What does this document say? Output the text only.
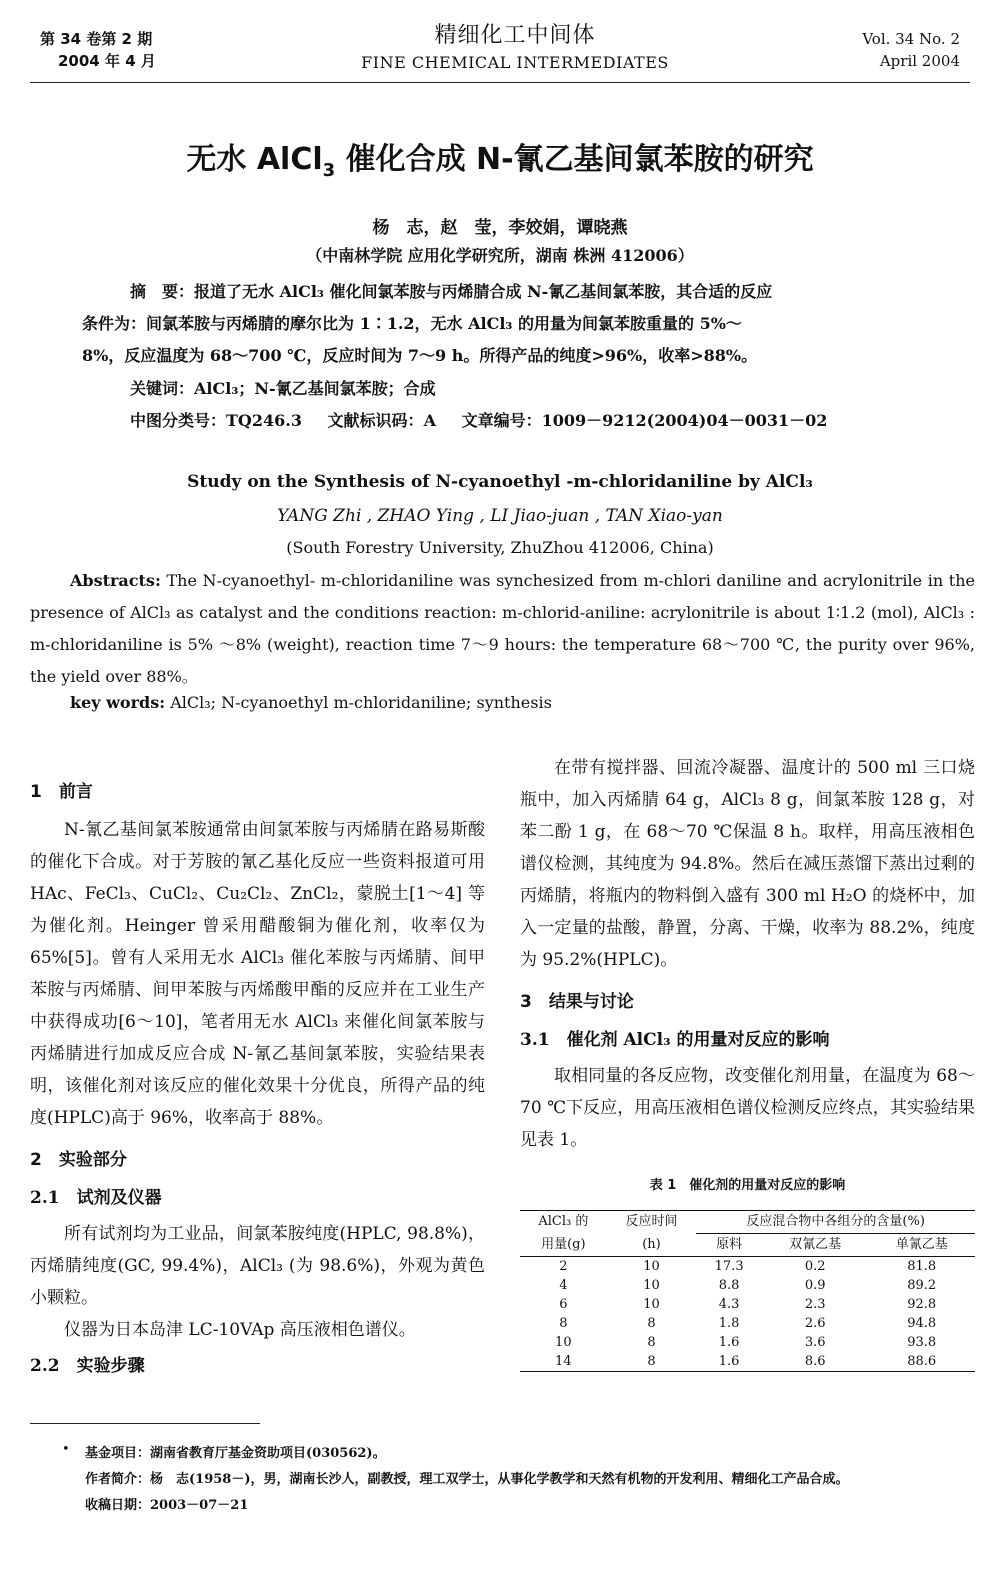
第 34 卷第 2 期
2004 年 4 月
精细化工中间体
FINE CHEMICAL INTERMEDIATES
Vol. 34 No. 2
April 2004
无水 AlCl$_3$ 催化合成 N-氰乙基间氯苯胺的研究
杨　志，赵　莹，李姣娟，谭晓燕
（中南林学院 应用化学研究所，湖南 株洲 412006）
摘　要：报道了无水 AlCl₃ 催化间氯苯胺与丙烯腈合成 N-氰乙基间氯苯胺，其合适的反应
条件为：间氯苯胺与丙烯腈的摩尔比为 1∶1.2，无水 AlCl₃ 的用量为间氯苯胺重量的 5%～
8%，反应温度为 68～700 ℃，反应时间为 7～9 h。所得产品的纯度>96%，收率>88%。
关键词：AlCl₃；N-氰乙基间氯苯胺；合成
中图分类号：TQ246.3 文献标识码：A 文章编号：1009－9212(2004)04－0031－02
Study on the Synthesis of N-cyanoethyl -m-chloridaniline by AlCl₃
YANG Zhi , ZHAO Ying , LI Jiao-juan , TAN Xiao-yan
(South Forestry University, ZhuZhou 412006, China)
Abstracts: The N-cyanoethyl- m-chloridaniline was synchesized from m-chlori daniline and acrylonitrile in the presence of AlCl₃ as catalyst and the conditions reaction: m-chlorid-aniline: acrylonitrile is about 1∶1.2 (mol), AlCl₃ : m-chloridaniline is 5% ～8% (weight), reaction time 7～9 hours: the temperature 68～700 ℃, the purity over 96%, the yield over 88%。
key words: AlCl₃; N-cyanoethyl m-chloridaniline; synthesis
1　前言

N-氰乙基间氯苯胺通常由间氯苯胺与丙烯腈在路易斯酸的催化下合成。对于芳胺的氰乙基化反应一些资料报道可用 HAc、FeCl₃、CuCl₂、Cu₂Cl₂、ZnCl₂，蒙脱土[1～4] 等为催化剂。Heinger 曾采用醋酸铜为催化剂，收率仅为 65%[5]。曾有人采用无水 AlCl₃ 催化苯胺与丙烯腈、间甲苯胺与丙烯腈、间甲苯胺与丙烯酸甲酯的反应并在工业生产中获得成功[6～10]，笔者用无水 AlCl₃ 来催化间氯苯胺与丙烯腈进行加成反应合成 N-氰乙基间氯苯胺，实验结果表明，该催化剂对该反应的催化效果十分优良，所得产品的纯度(HPLC)高于 96%，收率高于 88%。

2　实验部分
2.1　试剂及仪器

所有试剂均为工业品，间氯苯胺纯度(HPLC, 98.8%)，丙烯腈纯度(GC, 99.4%)，AlCl₃ (为 98.6%)，外观为黄色小颗粒。

仪器为日本岛津 LC-10VAp 高压液相色谱仪。

2.2　实验步骤

在带有搅拌器、回流冷凝器、温度计的 500 ml 三口烧瓶中，加入丙烯腈 64 g，AlCl₃ 8 g，间氯苯胺 128 g，对苯二酚 1 g，在 68～70 ℃保温 8 h。取样，用高压液相色谱仪检测，其纯度为 94.8%。然后在减压蒸馏下蒸出过剩的丙烯腈，将瓶内的物料倒入盛有 300 ml H₂O 的烧杯中，加入一定量的盐酸，静置，分离、干燥，收率为 88.2%，纯度为 95.2%(HPLC)。

3　结果与讨论
3.1　催化剂 AlCl₃ 的用量对反应的影响

取相同量的各反应物，改变催化剂用量，在温度为 68～70 ℃下反应，用高压液相色谱仪检测反应终点，其实验结果见表 1。

表 1　催化剂的用量对反应的影响
AlCl₃ 的	反应时间	反应混合物中各组分的含量(%)		
用量(g)	(h)	原料	双氰乙基	单氰乙基
2	10	17.3	0.2	81.8
4	10	8.8	0.9	89.2
6	10	4.3	2.3	92.8
8	8	1.8	2.6	94.8
10	8	1.6	3.6	93.8
14	8	1.6	8.6	88.6
• 基金项目：湖南省教育厅基金资助项目(030562)。
作者简介：杨　志(1958－)，男，湖南长沙人，副教授，理工双学士，从事化学教学和天然有机物的开发利用、精细化工产品合成。
收稿日期：2003－07－21
